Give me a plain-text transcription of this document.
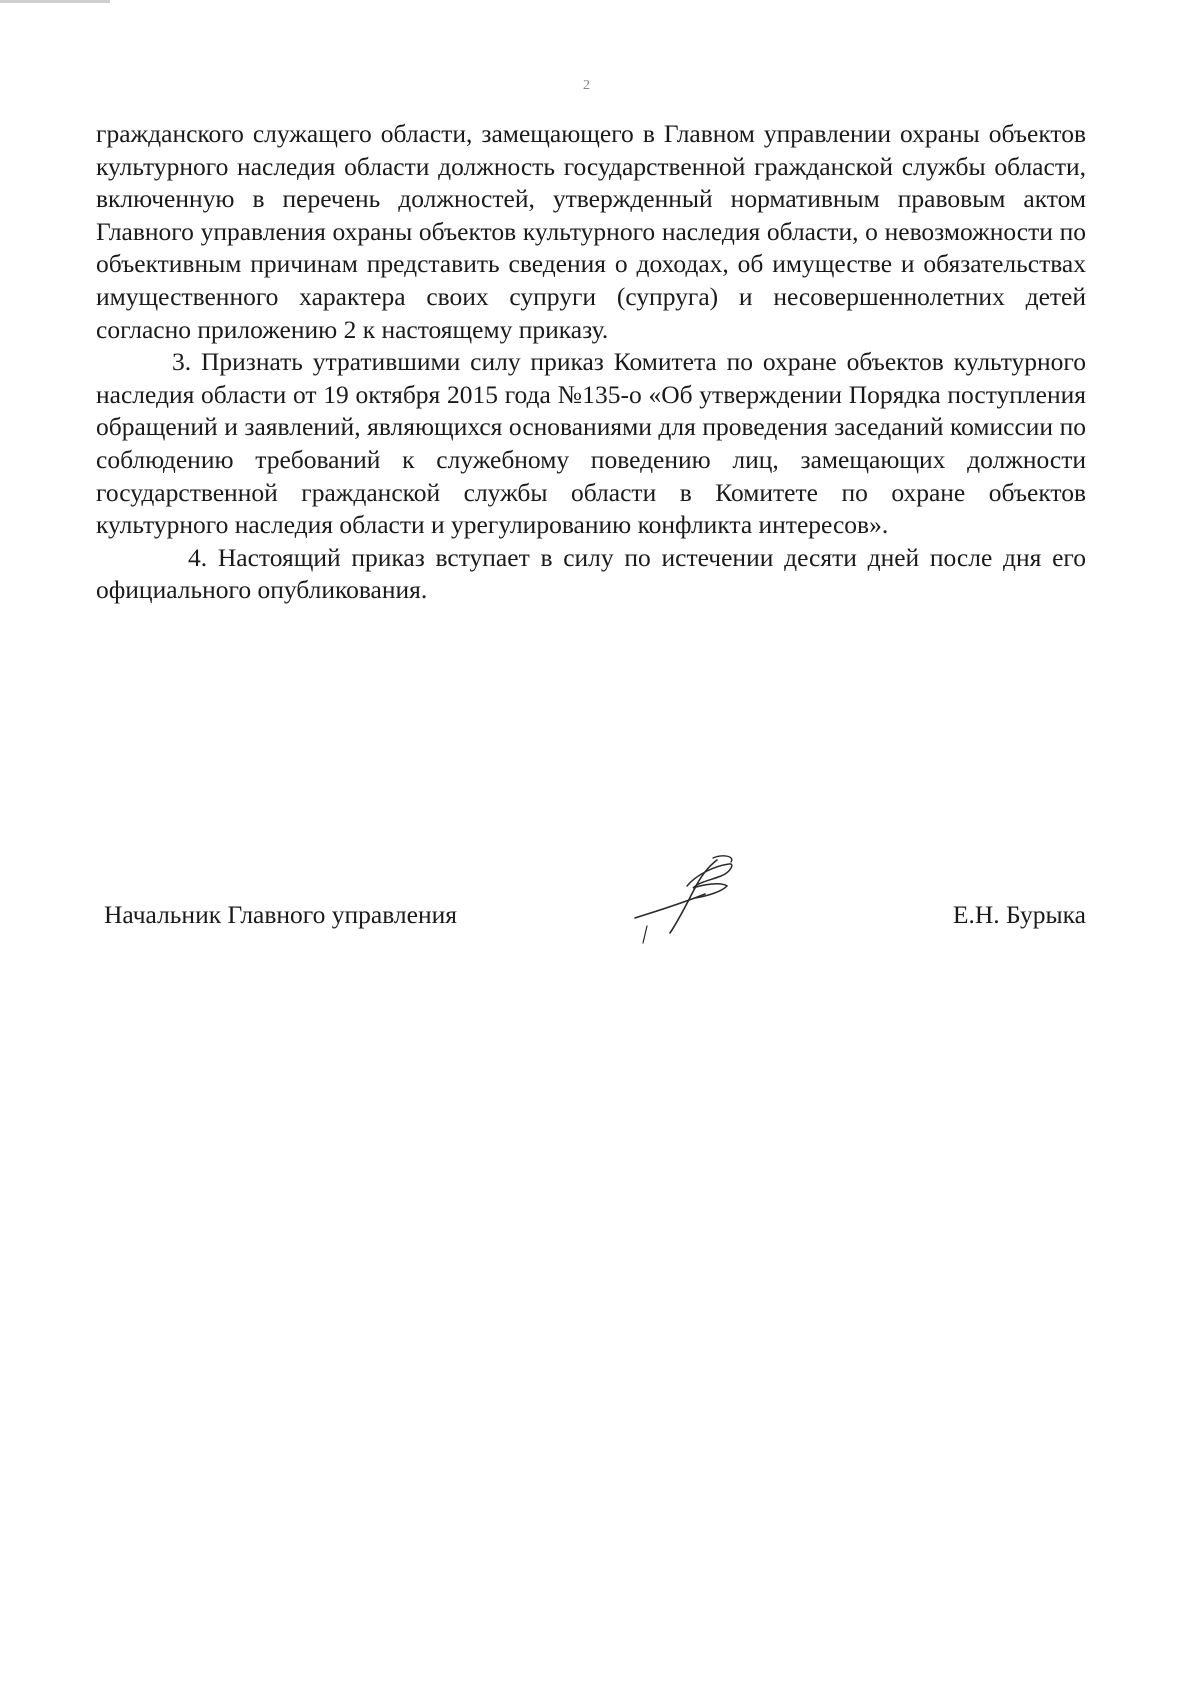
2

гражданского служащего области, замещающего в Главном управлении охраны объектов культурного наследия области должность государственной гражданской службы области, включенную в перечень должностей, утвержденный нормативным правовым актом Главного управления охраны объектов культурного наследия области, о невозможности по объективным причинам представить сведения о доходах, об имуществе и обязательствах имущественного характера своих супруги (супруга) и несовершеннолетних детей согласно приложению 2 к настоящему приказу.

3. Признать утратившими силу приказ Комитета по охране объектов культурного наследия области от 19 октября 2015 года №135-о «Об утверждении Порядка поступления обращений и заявлений, являющихся основаниями для проведения заседаний комиссии по соблюдению требований к служебному поведению лиц, замещающих должности государственной гражданской службы области в Комитете по охране объектов культурного наследия области и урегулированию конфликта интересов».

4. Настоящий приказ вступает в силу по истечении десяти дней после дня его официального опубликования.

Начальник Главного управления	Е.Н. Бурыка
